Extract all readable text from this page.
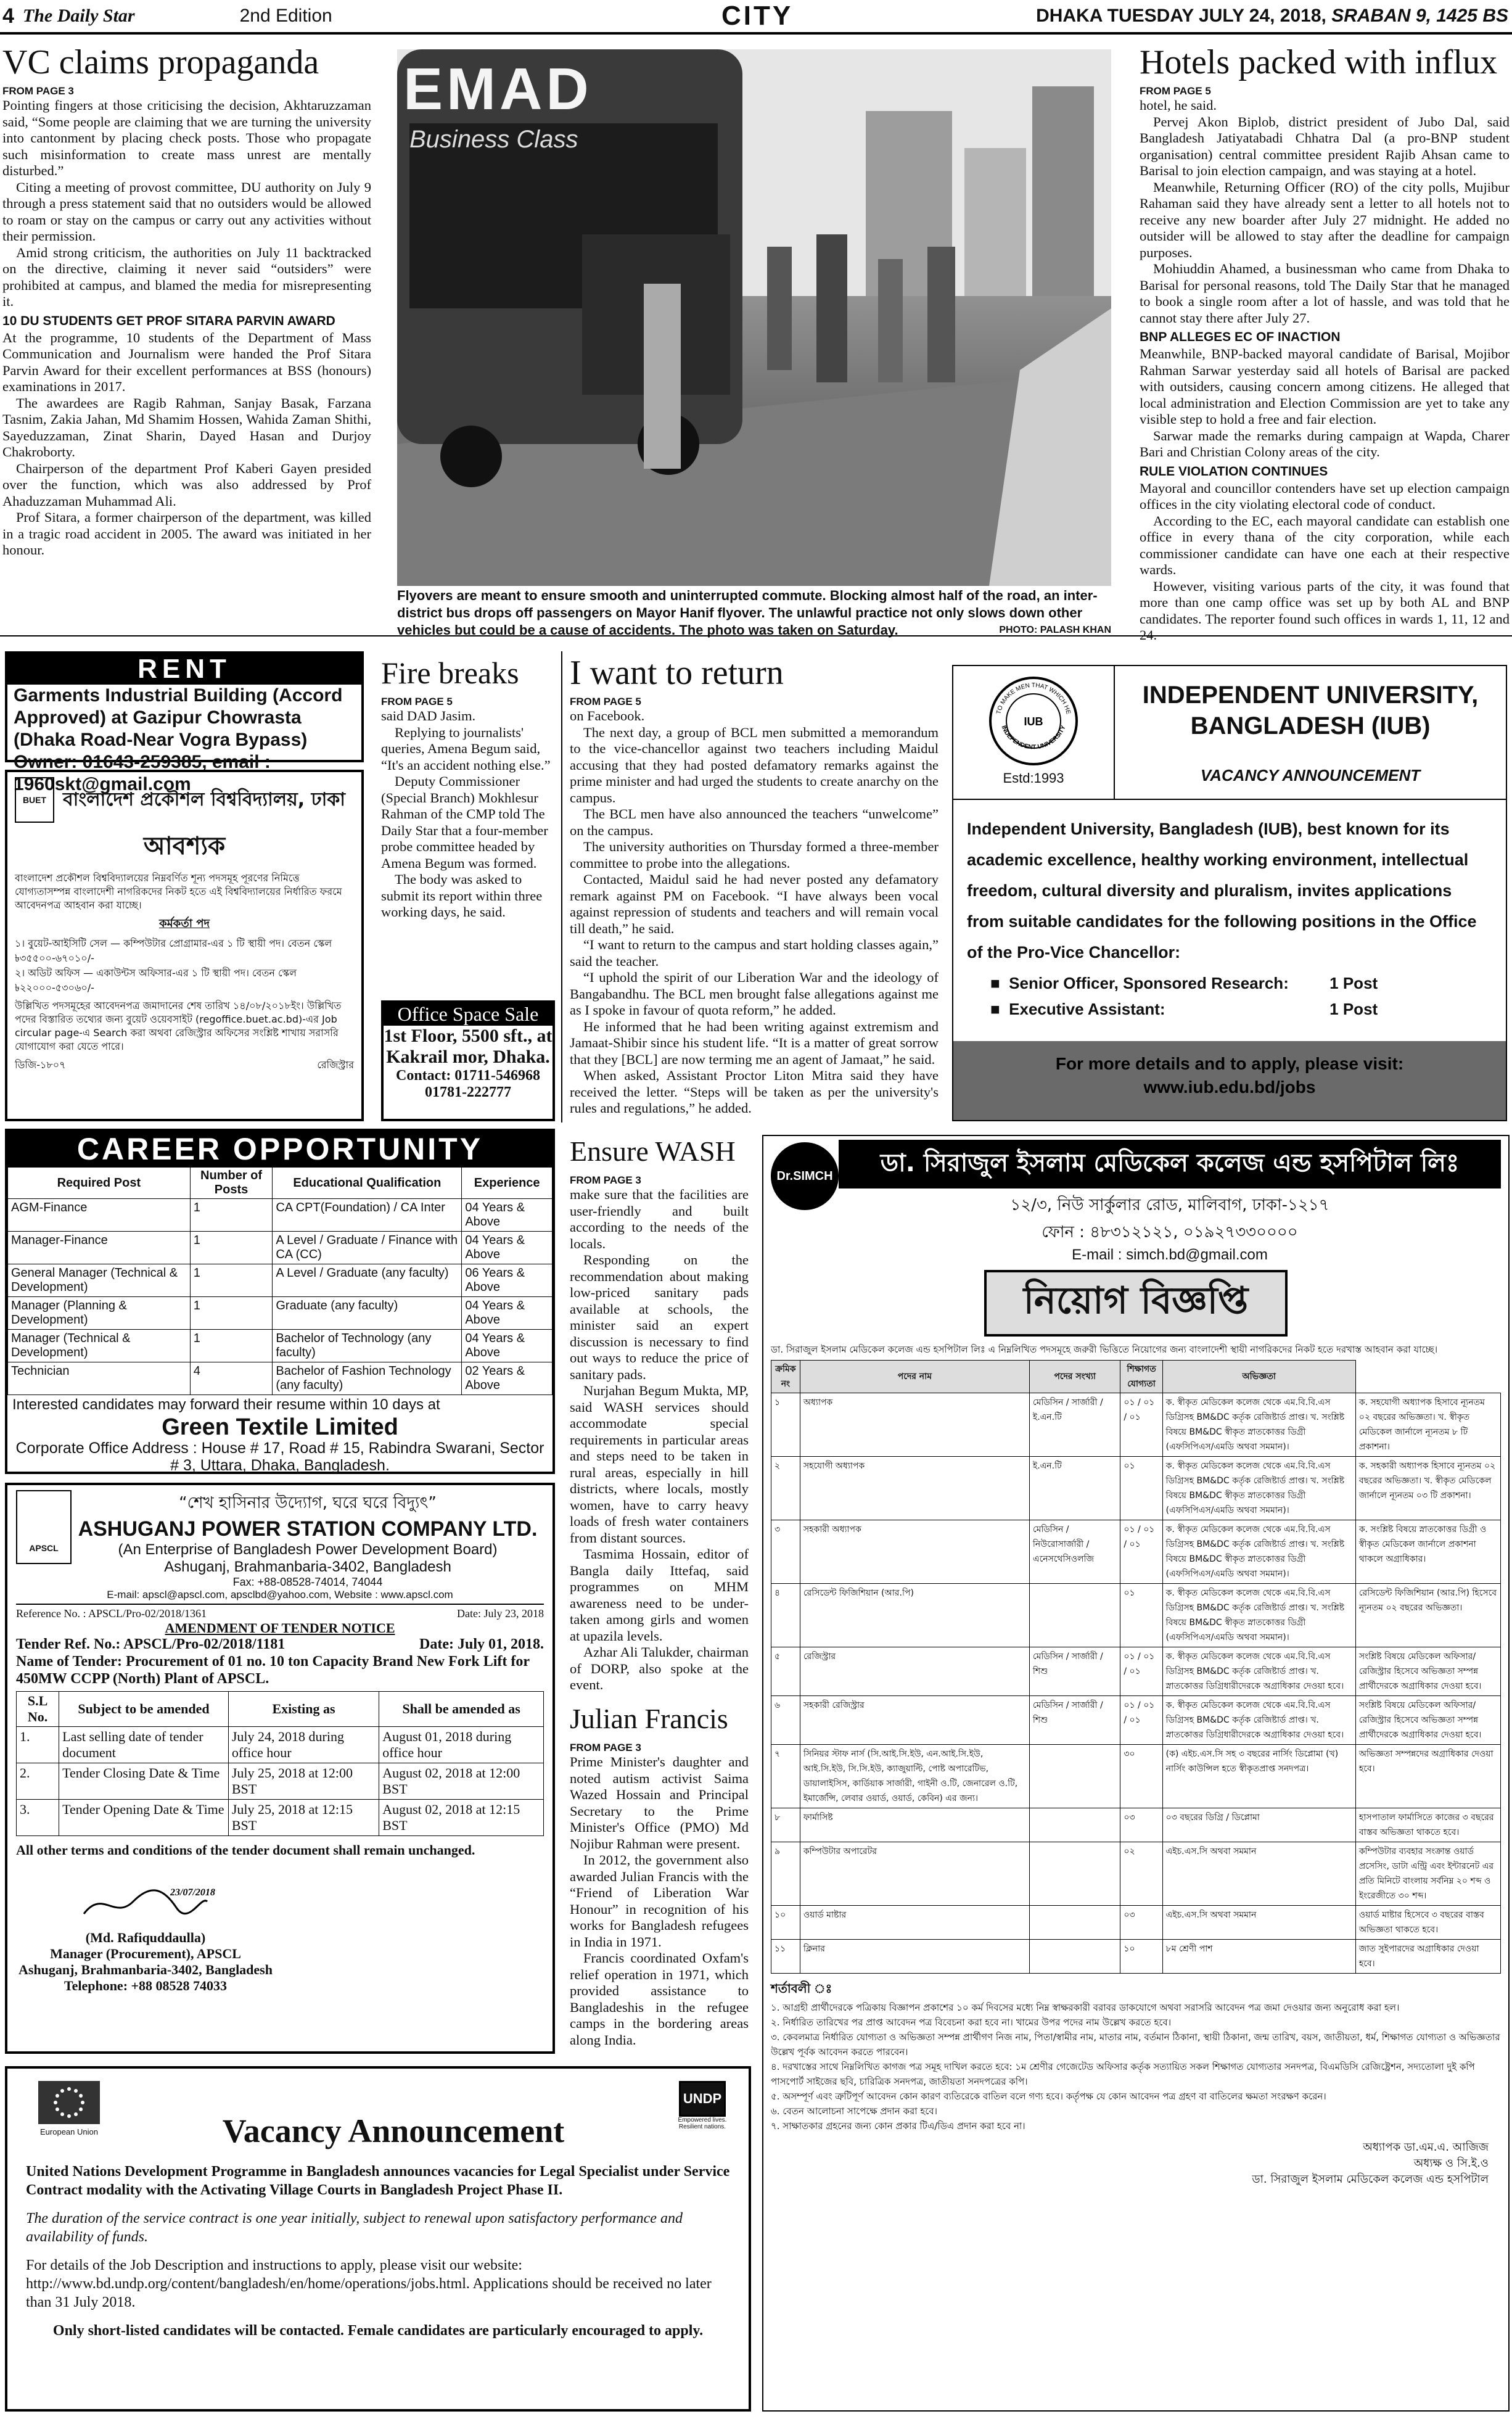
4 The Daily Star	2nd Edition	CITY	DHAKA TUESDAY JULY 24, 2018, SRABAN 9, 1425 BS
VC claims propaganda
FROM PAGE 3

Pointing fingers at those criticising the decision, Akhtaruzzaman said, “Some people are claiming that we are turning the university into cantonment by placing check posts. Those who propagate such misinformation to create mass unrest are mentally disturbed.”

Citing a meeting of provost committee, DU authority on July 9 through a press statement said that no outsiders would be allowed to roam or stay on the campus or carry out any activities without their permission.

Amid strong criticism, the authorities on July 11 backtracked on the directive, claiming it never said “outsiders” were prohibited at campus, and blamed the media for misrepresenting it.

10 DU STUDENTS GET PROF SITARA PARVIN AWARD

At the programme, 10 students of the Department of Mass Communication and Journalism were handed the Prof Sitara Parvin Award for their excellent performances at BSS (honours) examinations in 2017.

The awardees are Ragib Rahman, Sanjay Basak, Farzana Tasnim, Zakia Jahan, Md Shamim Hossen, Wahida Zaman Shithi, Sayeduzzaman, Zinat Sharin, Dayed Hasan and Durjoy Chakroborty.

Chairperson of the department Prof Kaberi Gayen presided over the function, which was also addressed by Prof Ahaduzzaman Muhammad Ali.

Prof Sitara, a former chairperson of the department, was killed in a tragic road accident in 2005. The award was initiated in her honour.

EMAD
Business Class
Flyovers are meant to ensure smooth and uninterrupted commute. Blocking almost half of the road, an inter-district bus drops off passengers on Mayor Hanif flyover. The unlawful practice not only slows down other vehicles but could be a cause of accidents. The photo was taken on Saturday.	PHOTO: PALASH KHAN
Hotels packed with influx
FROM PAGE 5

hotel, he said.

Pervej Akon Biplob, district president of Jubo Dal, said Bangladesh Jatiyatabadi Chhatra Dal (a pro-BNP student organisation) central committee president Rajib Ahsan came to Barisal to join election campaign, and was staying at a hotel.

Meanwhile, Returning Officer (RO) of the city polls, Mujibur Rahaman said they have already sent a letter to all hotels not to receive any new boarder after July 27 midnight. He added no outsider will be allowed to stay after the deadline for campaign purposes.

Mohiuddin Ahamed, a businessman who came from Dhaka to Barisal for personal reasons, told The Daily Star that he managed to book a single room after a lot of hassle, and was told that he cannot stay there after July 27.

BNP ALLEGES EC OF INACTION

Meanwhile, BNP-backed mayoral candidate of Barisal, Mojibor Rahman Sarwar yesterday said all hotels of Barisal are packed with outsiders, causing concern among citizens. He alleged that local administration and Election Commission are yet to take any visible step to hold a free and fair election.

Sarwar made the remarks during campaign at Wapda, Charer Bari and Christian Colony areas of the city.

RULE VIOLATION CONTINUES

Mayoral and councillor contenders have set up election campaign offices in the city violating electoral code of conduct.

According to the EC, each mayoral candidate can establish one office in every thana of the city corporation, while each commissioner candidate can have one each at their respective wards.

However, visiting various parts of the city, it was found that more than one camp office was set up by both AL and BNP candidates. The reporter found such offices in wards 1, 11, 12 and 24.

RENT
Garments Industrial Building (Accord Approved) at Gazipur Chowrasta (Dhaka Road-Near Vogra Bypass) Owner: 01643-259385, email : 1960skt@gmail.com
BUET বাংলাদেশ প্রকৌশল বিশ্ববিদ্যালয়, ঢাকা
আবশ্যক
বাংলাদেশ প্রকৌশল বিশ্ববিদ্যালয়ের নিম্নবর্ণিত শূন্য পদসমূহ পূরণের নিমিত্তে যোগ্যতাসম্পন্ন বাংলাদেশী নাগরিকদের নিকট হতে এই বিশ্ববিদ্যালয়ের নির্ধারিত ফরমে আবেদনপত্র আহবান করা যাচ্ছে।
কর্মকর্তা পদ
১। বুয়েট-আইসিটি সেল — কম্পিউটার প্রোগ্রামার-এর ১ টি স্থায়ী পদ। বেতন স্কেল ৳৩৫৫০০-৬৭০১০/-
২। অডিট অফিস — একাউন্টস অফিসার-এর ১ টি স্থায়ী পদ। বেতন স্কেল ৳২২০০০-৫৩০৬০/-
উল্লিখিত পদসমূহের আবেদনপত্র জমাদানের শেষ তারিখ ১৪/০৮/২০১৮ইং। উল্লিখিত পদের বিস্তারিত তথ্যের জন্য বুয়েট ওয়েবসাইট (regoffice.buet.ac.bd)-এর Job circular page-এ Search করা অথবা রেজিস্ট্রার অফিসের সংশ্লিষ্ট শাখায় সরাসরি যোগাযোগ করা যেতে পারে।
ডিজি-১৮০৭	রেজিস্ট্রার
Fire breaks
FROM PAGE 5

said DAD Jasim.

Replying to journalists' queries, Amena Begum said, “It's an accident nothing else.”

Deputy Commissioner (Special Branch) Mokhlesur Rahman of the CMP told The Daily Star that a four-member probe committee headed by Amena Begum was formed.

The body was asked to submit its report within three working days, he said.

Office Space Sale
1st Floor, 5500 sft., at Kakrail mor, Dhaka.
Contact: 01711-546968
01781-222777
I want to return
FROM PAGE 5

on Facebook.

The next day, a group of BCL men submitted a memorandum to the vice-chancellor against two teachers including Maidul accusing that they had posted defamatory remarks against the prime minister and had urged the students to create anarchy on the campus.

The BCL men have also announced the teachers “unwelcome” on the campus.

The university authorities on Thursday formed a three-member committee to probe into the allegations.

Contacted, Maidul said he had never posted any defamatory remark against PM on Facebook. “I have always been vocal against repression of students and teachers and will remain vocal till death,” he said.

“I want to return to the campus and start holding classes again,” said the teacher.

“I uphold the spirit of our Liberation War and the ideology of Bangabandhu. The BCL men brought false allegations against me as I spoke in favour of quota reform,” he added.

He informed that he had been writing against extremism and Jamaat-Shibir since his student life. “It is a matter of great sorrow that they [BCL] are now terming me an agent of Jamaat,” he said.

When asked, Assistant Proctor Liton Mitra said they have received the letter. “Steps will be taken as per the university's rules and regulations,” he added.

TO MAKE MEN THAT WHICH HE
INDEPENDENT UNIVERSITY
IUB
Estd:1993
INDEPENDENT UNIVERSITY, BANGLADESH (IUB)
VACANCY ANNOUNCEMENT
Independent University, Bangladesh (IUB), best known for its academic excellence, healthy working environment, intellectual freedom, cultural diversity and pluralism, invites applications from suitable candidates for the following positions in the Office of the Pro-Vice Chancellor:
■ Senior Officer, Sponsored Research:	1 Post
■ Executive Assistant:	1 Post
For more details and to apply, please visit: www.iub.edu.bd/jobs
CAREER OPPORTUNITY
Required Post	Number of Posts	Educational Qualification	Experience
AGM-Finance	1	CA CPT(Foundation) / CA Inter	04 Years & Above
Manager-Finance	1	A Level / Graduate / Finance with CA (CC)	04 Years & Above
General Manager (Technical & Development)	1	A Level / Graduate (any faculty)	06 Years & Above
Manager (Planning & Development)	1	Graduate (any faculty)	04 Years & Above
Manager (Technical & Development)	1	Bachelor of Technology (any faculty)	04 Years & Above
Technician	4	Bachelor of Fashion Technology (any faculty)	02 Years & Above
Interested candidates may forward their resume within 10 days at
Green Textile Limited
Corporate Office Address : House # 17, Road # 15, Rabindra Swarani, Sector # 3, Uttara, Dhaka, Bangladesh.
APSCL
“শেখ হাসিনার উদ্যোগ, ঘরে ঘরে বিদ্যুৎ”
ASHUGANJ POWER STATION COMPANY LTD.
(An Enterprise of Bangladesh Power Development Board)
Ashuganj, Brahmanbaria-3402, Bangladesh
Fax: +88-08528-74014, 74044
E-mail: apscl@apscl.com, apsclbd@yahoo.com, Website : www.apscl.com
Reference No. : APSCL/Pro-02/2018/1361	Date: July 23, 2018
AMENDMENT OF TENDER NOTICE
Tender Ref. No.: APSCL/Pro-02/2018/1181	Date: July 01, 2018.
Name of Tender: Procurement of 01 no. 10 ton Capacity Brand New Fork Lift for 450MW CCPP (North) Plant of APSCL.
S.L No.	Subject to be amended	Existing as	Shall be amended as
1.	Last selling date of tender document	July 24, 2018 during office hour	August 01, 2018 during office hour
2.	Tender Closing Date & Time	July 25, 2018 at 12:00 BST	August 02, 2018 at 12:00 BST
3.	Tender Opening Date & Time	July 25, 2018 at 12:15 BST	August 02, 2018 at 12:15 BST
All other terms and conditions of the tender document shall remain unchanged.
23/07/2018
(Md. Rafiquddaulla)
Manager (Procurement), APSCL
Ashuganj, Brahmanbaria-3402, Bangladesh
Telephone: +88 08528 74033
Ensure WASH
FROM PAGE 3

make sure that the facilities are user-friendly and built according to the needs of the locals.

Responding on the recommendation about making low-priced sanitary pads available at schools, the minister said an expert discussion is necessary to find out ways to reduce the price of sanitary pads.

Nurjahan Begum Mukta, MP, said WASH services should accommodate special requirements in particular areas and steps need to be taken in rural areas, especially in hill districts, where locals, mostly women, have to carry heavy loads of fresh water containers from distant sources.

Tasmima Hossain, editor of Bangla daily Ittefaq, said programmes on MHM awareness need to be under-taken among girls and women at upazila levels.

Azhar Ali Talukder, chairman of DORP, also spoke at the event.

Julian Francis
FROM PAGE 3

Prime Minister's daughter and noted autism activist Saima Wazed Hossain and Principal Secretary to the Prime Minister's Office (PMO) Md Nojibur Rahman were present.

In 2012, the government also awarded Julian Francis with the “Friend of Liberation War Honour” in recognition of his works for Bangladesh refugees in India in 1971.

Francis coordinated Oxfam's relief operation in 1971, which provided assistance to Bangladeshis in the refugee camps in the bordering areas along India.

Dr.SIMCH	ডা. সিরাজুল ইসলাম মেডিকেল কলেজ এন্ড হসপিটাল লিঃ
১২/৩, নিউ সার্কুলার রোড, মালিবাগ, ঢাকা-১২১৭
ফোন : ৪৮৩১২১২১, ০১৯২৭৩৩০০০০
E-mail : simch.bd@gmail.com
নিয়োগ বিজ্ঞপ্তি
ডা. সিরাজুল ইসলাম মেডিকেল কলেজ এন্ড হসপিটাল লিঃ এ নিম্নলিখিত পদসমূহে জরুরী ভিত্তিতে নিয়োগের জন্য বাংলাদেশী স্থায়ী নাগরিকদের নিকট হতে দরখাস্ত আহবান করা যাচ্ছে।
ক্রমিক নং	পদের নাম	পদের সংখ্যা	শিক্ষাগত যোগ্যতা	অভিজ্ঞতা	
১	অধ্যাপক	মেডিসিন / সার্জারী / ই.এন.টি	০১ / ০১ / ০১	ক. স্বীকৃত মেডিকেল কলেজ থেকে এম.বি.বি.এস ডিগ্রিসহ BM&DC কর্তৃক রেজিষ্টার্ড প্রাপ্ত। খ. সংশ্লিষ্ট বিষয়ে BM&DC স্বীকৃত স্নাতকোত্তর ডিগ্রী (এফসিপিএস/এমডি অথবা সমমান)।	ক. সহযোগী অধ্যাপক হিসাবে ন্যূনতম ০২ বছরের অভিজ্ঞতা। খ. স্বীকৃত মেডিকেল জার্নালে ন্যূনতম ৮ টি প্রকাশনা।
২	সহযোগী অধ্যাপক	ই.এন.টি	০১	ক. স্বীকৃত মেডিকেল কলেজ থেকে এম.বি.বি.এস ডিগ্রিসহ BM&DC কর্তৃক রেজিষ্টার্ড প্রাপ্ত। খ. সংশ্লিষ্ট বিষয়ে BM&DC স্বীকৃত স্নাতকোত্তর ডিগ্রী (এফসিপিএস/এমডি অথবা সমমান)।	ক. সহকারী অধ্যাপক হিসাবে ন্যূনতম ০২ বছরের অভিজ্ঞতা। খ. স্বীকৃত মেডিকেল জার্নালে ন্যূনতম ০৩ টি প্রকাশনা।
৩	সহকারী অধ্যাপক	মেডিসিন / নিউরোসার্জারী / এনেসথেসিওলজি	০১ / ০১ / ০১	ক. স্বীকৃত মেডিকেল কলেজ থেকে এম.বি.বি.এস ডিগ্রিসহ BM&DC কর্তৃক রেজিষ্টার্ড প্রাপ্ত। খ. সংশ্লিষ্ট বিষয়ে BM&DC স্বীকৃত স্নাতকোত্তর ডিগ্রী (এফসিপিএস/এমডি অথবা সমমান)।	ক. সংশ্লিষ্ট বিষয়ে স্নাতকোত্তর ডিগ্রী ও স্বীকৃত মেডিকেল জার্নালে প্রকাশনা থাকলে অগ্রাধিকার।
৪	রেসিডেন্ট ফিজিশিয়ান (আর.পি)		০১	ক. স্বীকৃত মেডিকেল কলেজ থেকে এম.বি.বি.এস ডিগ্রিসহ BM&DC কর্তৃক রেজিষ্টার্ড প্রাপ্ত। খ. সংশ্লিষ্ট বিষয়ে BM&DC স্বীকৃত স্নাতকোত্তর ডিগ্রী (এফসিপিএস/এমডি অথবা সমমান)।	রেসিডেন্ট ফিজিশিয়ান (আর.পি) হিসেবে ন্যূনতম ০২ বছরের অভিজ্ঞতা।
৫	রেজিস্ট্রার	মেডিসিন / সার্জারী / শিশু	০১ / ০১ / ০১	ক. স্বীকৃত মেডিকেল কলেজ থেকে এম.বি.বি.এস ডিগ্রিসহ BM&DC কর্তৃক রেজিষ্টার্ড প্রাপ্ত। খ. স্নাতকোত্তর ডিগ্রিধারীদেরকে অগ্রাধিকার দেওয়া হবে।	সংশ্লিষ্ট বিষয়ে মেডিকেল অফিসার/রেজিস্ট্রার হিসেবে অভিজ্ঞতা সম্পন্ন প্রার্থীদেরকে অগ্রাধিকার দেওয়া হবে।
৬	সহকারী রেজিস্ট্রার	মেডিসিন / সার্জারী / শিশু	০১ / ০১ / ০১	ক. স্বীকৃত মেডিকেল কলেজ থেকে এম.বি.বি.এস ডিগ্রিসহ BM&DC কর্তৃক রেজিষ্টার্ড প্রাপ্ত। খ. স্নাতকোত্তর ডিগ্রিধারীদেরকে অগ্রাধিকার দেওয়া হবে।	সংশ্লিষ্ট বিষয়ে মেডিকেল অফিসার/রেজিস্ট্রার হিসেবে অভিজ্ঞতা সম্পন্ন প্রার্থীদেরকে অগ্রাধিকার দেওয়া হবে।
৭	সিনিয়র স্টাফ নার্স (সি.আই.সি.ইউ, এন.আই.সি.ইউ, আই.সি.ইউ, সি.সি.ইউ, ক্যাজুয়াল্টি, পোষ্ট অপারেটিভ, ডায়ালাইসিস, কার্ডিয়াক সার্জারী, গাইনী ও.টি, জেনারেল ও.টি, ইমার্জেন্সি, লেবার ওয়ার্ড, ওয়ার্ড, কেবিন) এর জন্য।		৩০	(ক) এইচ.এস.সি সহ ৩ বছরের নার্সিং ডিপ্লোমা (খ) নার্সিং কাউন্সিল হতে স্বীকৃতপ্রাপ্ত সনদপত্র।	অভিজ্ঞতা সম্পন্নদের অগ্রাধিকার দেওয়া হবে।
৮	ফার্মাসিষ্ট		০৩	০৩ বছরের ডিগ্রি / ডিপ্লোমা	হাসপাতাল ফার্মাসিতে কাজের ৩ বছরের বাস্তব অভিজ্ঞতা থাকতে হবে।
৯	কম্পিউটার অপারেটর		০২	এইচ.এস.সি অথবা সমমান	কম্পিউটার ব্যবহার সংক্রান্ত ওয়ার্ড প্রসেসিং, ডাটা এন্ট্রি এবং ইন্টারনেট এর প্রতি মিনিটে বাংলায় সর্বনিম্ন ২০ শব্দ ও ইংরেজীতে ৩০ শব্দ।
১০	ওয়ার্ড মাষ্টার		০৩	এইচ.এস.সি অথবা সমমান	ওয়ার্ড মাষ্টার হিসেবে ৩ বছরের বাস্তব অভিজ্ঞতা থাকতে হবে।
১১	ক্লিনার		১০	৮ম শ্রেণী পাশ	জাত সুইপারদের অগ্রাধিকার দেওয়া হবে।
শর্তাবলী ঃ
১. আগ্রহী প্রার্থীদেরকে পত্রিকায় বিজ্ঞাপন প্রকাশের ১০ কর্ম দিবসের মধ্যে নিম্ন স্বাক্ষরকারী বরাবর ডাকযোগে অথবা সরাসরি আবেদন পত্র জমা দেওয়ার জন্য অনুরোধ করা হল।
২. নির্ধারিত তারিখের পর প্রাপ্ত আবেদন পত্র বিবেচনা করা হবে না। খামের উপর পদের নাম উল্লেখ করতে হবে।
৩. কেবলমাত্র নির্ধারিত যোগ্যতা ও অভিজ্ঞতা সম্পন্ন প্রার্থীগণ নিজ নাম, পিতা/স্বামীর নাম, মাতার নাম, বর্তমান ঠিকানা, স্থায়ী ঠিকানা, জন্ম তারিখ, বয়স, জাতীয়তা, ধর্ম, শিক্ষাগত যোগ্যতা ও অভিজ্ঞতার উল্লেখ পূর্বক আবেদন করতে পারবেন।
৪. দরখাস্তের সাথে নিম্নলিখিত কাগজ পত্র সমূহ দাখিল করতে হবে: ১ম শ্রেণীর গেজেটেড অফিসার কর্তৃক সত্যায়িত সকল শিক্ষাগত যোগ্যতার সনদপত্র, বিএমডিসি রেজিষ্ট্রেশন, সদ্যতোলা দুই কপি পাসপোর্ট সাইজের ছবি, চারিত্রিক সনদপত্র, জাতীয়তা সনদপত্রের কপি।
৫. অসম্পূর্ণ এবং ত্রুটিপূর্ণ আবেদন কোন কারণ ব্যতিরেকে বাতিল বলে গণ্য হবে। কর্তৃপক্ষ যে কোন আবেদন পত্র গ্রহণ বা বাতিলের ক্ষমতা সংরক্ষণ করেন।
৬. বেতন আলোচনা সাপেক্ষে প্রদান করা হবে।
৭. সাক্ষাতকার গ্রহনের জন্য কোন প্রকার টিএ/ডিএ প্রদান করা হবে না।
অধ্যাপক ডা.এম.এ. আজিজ
অধ্যক্ষ ও সি.ই.ও
ডা. সিরাজুল ইসলাম মেডিকেল কলেজ এন্ড হসপিটাল
European Union	Vacancy Announcement
UNDP
Empowered lives. Resilient nations.
United Nations Development Programme in Bangladesh announces vacancies for Legal Specialist under Service Contract modality with the Activating Village Courts in Bangladesh Project Phase II.
The duration of the service contract is one year initially, subject to renewal upon satisfactory performance and availability of funds.
For details of the Job Description and instructions to apply, please visit our website: http://www.bd.undp.org/content/bangladesh/en/home/operations/jobs.html. Applications should be received no later than 31 July 2018.
Only short-listed candidates will be contacted. Female candidates are particularly encouraged to apply.
